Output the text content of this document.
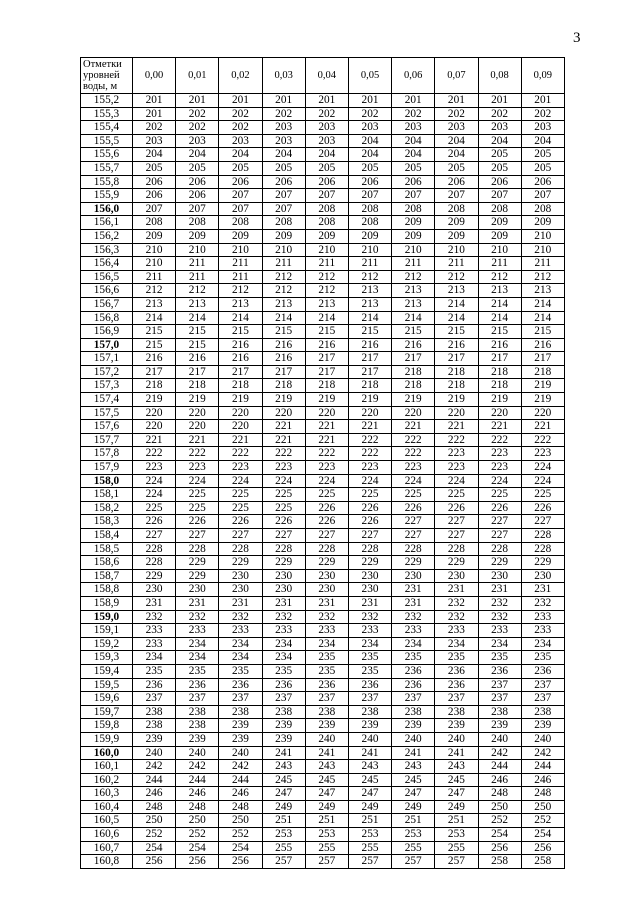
3
Отметки уровней воды, м	0,00	0,01	0,02	0,03	0,04	0,05	0,06	0,07	0,08	0,09
155,2	201	201	201	201	201	201	201	201	201	201
155,3	201	202	202	202	202	202	202	202	202	202
155,4	202	202	202	203	203	203	203	203	203	203
155,5	203	203	203	203	203	204	204	204	204	204
155,6	204	204	204	204	204	204	204	204	205	205
155,7	205	205	205	205	205	205	205	205	205	205
155,8	206	206	206	206	206	206	206	206	206	206
155,9	206	206	207	207	207	207	207	207	207	207
156,0	207	207	207	207	208	208	208	208	208	208
156,1	208	208	208	208	208	208	209	209	209	209
156,2	209	209	209	209	209	209	209	209	209	210
156,3	210	210	210	210	210	210	210	210	210	210
156,4	210	211	211	211	211	211	211	211	211	211
156,5	211	211	211	212	212	212	212	212	212	212
156,6	212	212	212	212	212	213	213	213	213	213
156,7	213	213	213	213	213	213	213	214	214	214
156,8	214	214	214	214	214	214	214	214	214	214
156,9	215	215	215	215	215	215	215	215	215	215
157,0	215	215	216	216	216	216	216	216	216	216
157,1	216	216	216	216	217	217	217	217	217	217
157,2	217	217	217	217	217	217	218	218	218	218
157,3	218	218	218	218	218	218	218	218	218	219
157,4	219	219	219	219	219	219	219	219	219	219
157,5	220	220	220	220	220	220	220	220	220	220
157,6	220	220	220	221	221	221	221	221	221	221
157,7	221	221	221	221	221	222	222	222	222	222
157,8	222	222	222	222	222	222	222	223	223	223
157,9	223	223	223	223	223	223	223	223	223	224
158,0	224	224	224	224	224	224	224	224	224	224
158,1	224	225	225	225	225	225	225	225	225	225
158,2	225	225	225	225	226	226	226	226	226	226
158,3	226	226	226	226	226	226	227	227	227	227
158,4	227	227	227	227	227	227	227	227	227	228
158,5	228	228	228	228	228	228	228	228	228	228
158,6	228	229	229	229	229	229	229	229	229	229
158,7	229	229	230	230	230	230	230	230	230	230
158,8	230	230	230	230	230	230	231	231	231	231
158,9	231	231	231	231	231	231	231	232	232	232
159,0	232	232	232	232	232	232	232	232	232	233
159,1	233	233	233	233	233	233	233	233	233	233
159,2	233	234	234	234	234	234	234	234	234	234
159,3	234	234	234	234	235	235	235	235	235	235
159,4	235	235	235	235	235	235	236	236	236	236
159,5	236	236	236	236	236	236	236	236	237	237
159,6	237	237	237	237	237	237	237	237	237	237
159,7	238	238	238	238	238	238	238	238	238	238
159,8	238	238	239	239	239	239	239	239	239	239
159,9	239	239	239	239	240	240	240	240	240	240
160,0	240	240	240	241	241	241	241	241	242	242
160,1	242	242	242	243	243	243	243	243	244	244
160,2	244	244	244	245	245	245	245	245	246	246
160,3	246	246	246	247	247	247	247	247	248	248
160,4	248	248	248	249	249	249	249	249	250	250
160,5	250	250	250	251	251	251	251	251	252	252
160,6	252	252	252	253	253	253	253	253	254	254
160,7	254	254	254	255	255	255	255	255	256	256
160,8	256	256	256	257	257	257	257	257	258	258
